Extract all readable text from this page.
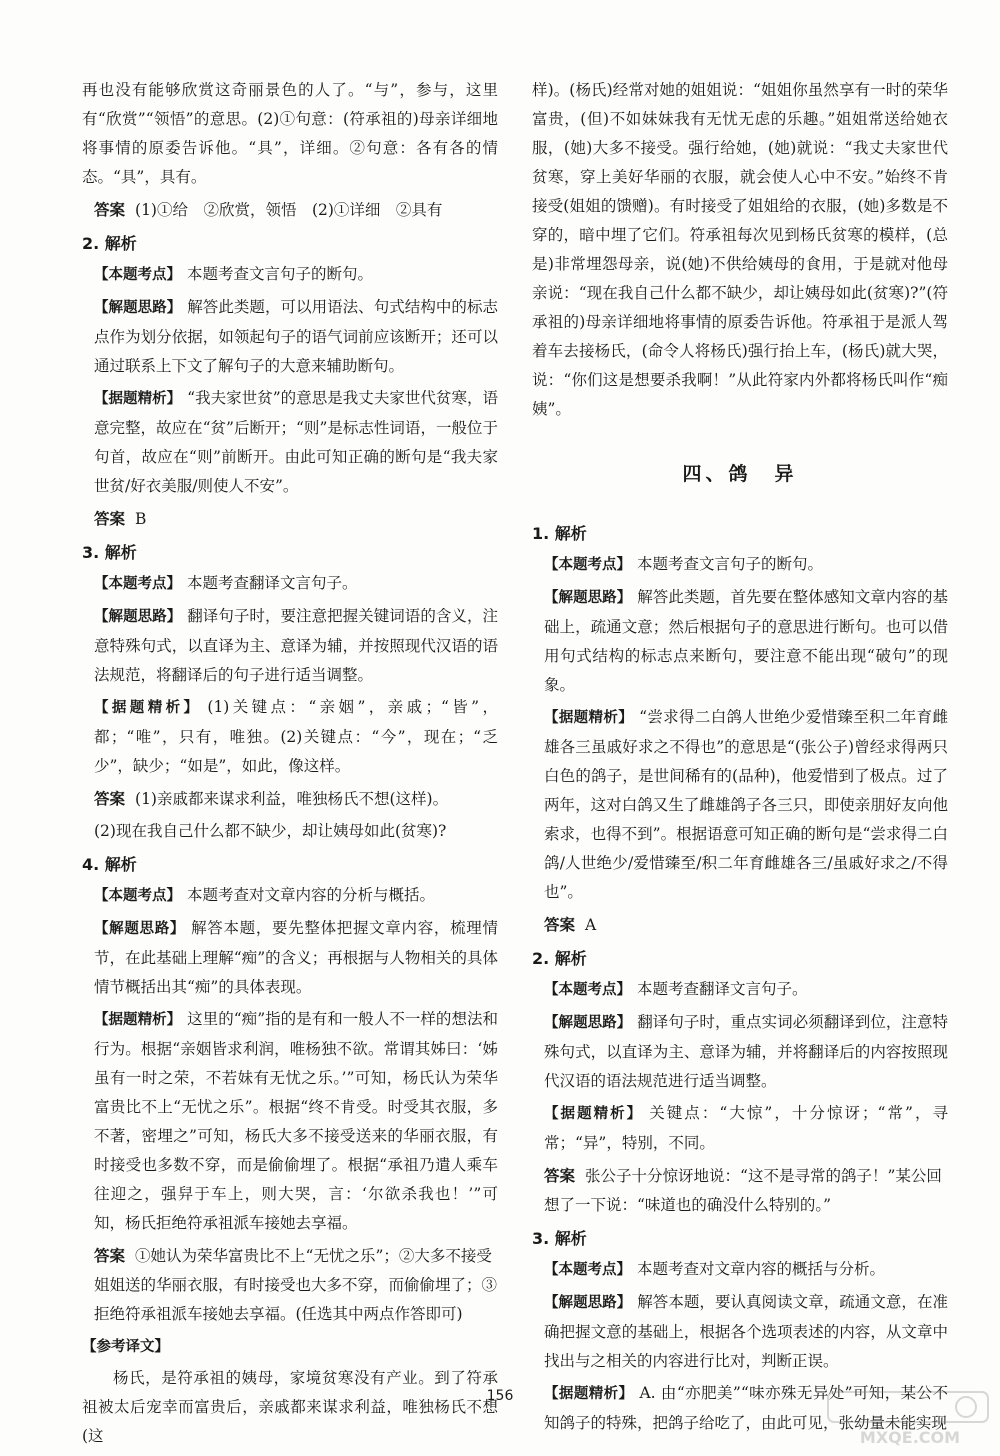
再也没有能够欣赏这奇丽景色的人了。“与”，参与，这里有“欣赏”“领悟”的意思。(2)①句意：(符承祖的)母亲详细地将事情的原委告诉他。“具”，详细。②句意：各有各的情态。“具”，具有。

答案 (1)①给　②欣赏，领悟　(2)①详细　②具有

2. 解析

【本题考点】 本题考查文言句子的断句。

【解题思路】 解答此类题，可以用语法、句式结构中的标志点作为划分依据，如领起句子的语气词前应该断开；还可以通过联系上下文了解句子的大意来辅助断句。

【据题精析】 “我夫家世贫”的意思是我丈夫家世代贫寒，语意完整，故应在“贫”后断开；“则”是标志性词语，一般位于句首，故应在“则”前断开。由此可知正确的断句是“我夫家世贫/好衣美服/则使人不安”。

答案 B

3. 解析

【本题考点】 本题考查翻译文言句子。

【解题思路】 翻译句子时，要注意把握关键词语的含义，注意特殊句式，以直译为主、意译为辅，并按照现代汉语的语法规范，将翻译后的句子进行适当调整。

【据题精析】 (1)关键点：“亲姻”，亲戚；“皆”，都；“唯”，只有，唯独。(2)关键点：“今”，现在；“乏少”，缺少；“如是”，如此，像这样。

答案 (1)亲戚都来谋求利益，唯独杨氏不想(这样)。

(2)现在我自己什么都不缺少，却让姨母如此(贫寒)?

4. 解析

【本题考点】 本题考查对文章内容的分析与概括。

【解题思路】 解答本题，要先整体把握文章内容，梳理情节，在此基础上理解“痴”的含义；再根据与人物相关的具体情节概括出其“痴”的具体表现。

【据题精析】 这里的“痴”指的是有和一般人不一样的想法和行为。根据“亲姻皆求利润，唯杨独不欲。常谓其姊曰：‘姊虽有一时之荣，不若妹有无忧之乐。’”可知，杨氏认为荣华富贵比不上“无忧之乐”。根据“终不肯受。时受其衣服，多不著，密埋之”可知，杨氏大多不接受送来的华丽衣服，有时接受也多数不穿，而是偷偷埋了。根据“承祖乃遣人乘车往迎之，强舁于车上，则大哭，言：‘尔欲杀我也！’”可知，杨氏拒绝符承祖派车接她去享福。

答案 ①她认为荣华富贵比不上“无忧之乐”；②大多不接受姐姐送的华丽衣服，有时接受也大多不穿，而偷偷埋了；③拒绝符承祖派车接她去享福。(任选其中两点作答即可)

【参考译文】

杨氏，是符承祖的姨母，家境贫寒没有产业。到了符承祖被太后宠幸而富贵后，亲戚都来谋求利益，唯独杨氏不想(这

样)。(杨氏)经常对她的姐姐说：“姐姐你虽然享有一时的荣华富贵，(但)不如妹妹我有无忧无虑的乐趣。”姐姐常送给她衣服，(她)大多不接受。强行给她，(她)就说：“我丈夫家世代贫寒，穿上美好华丽的衣服，就会使人心中不安。”始终不肯接受(姐姐的馈赠)。有时接受了姐姐给的衣服，(她)多数是不穿的，暗中埋了它们。符承祖每次见到杨氏贫寒的模样，(总是)非常埋怨母亲，说(她)不供给姨母的食用，于是就对他母亲说：“现在我自己什么都不缺少，却让姨母如此(贫寒)?”(符承祖的)母亲详细地将事情的原委告诉他。符承祖于是派人驾着车去接杨氏，(命令人将杨氏)强行抬上车，(杨氏)就大哭，说：“你们这是想要杀我啊！”从此符家内外都将杨氏叫作“痴姨”。

四、鸽　异
1. 解析

【本题考点】 本题考查文言句子的断句。

【解题思路】 解答此类题，首先要在整体感知文章内容的基础上，疏通文意；然后根据句子的意思进行断句。也可以借用句式结构的标志点来断句，要注意不能出现“破句”的现象。

【据题精析】 “尝求得二白鸽人世绝少爱惜臻至积二年育雌雄各三虽戚好求之不得也”的意思是“(张公子)曾经求得两只白色的鸽子，是世间稀有的(品种)，他爱惜到了极点。过了两年，这对白鸽又生了雌雄鸽子各三只，即使亲朋好友向他索求，也得不到”。根据语意可知正确的断句是“尝求得二白鸽/人世绝少/爱惜臻至/积二年育雌雄各三/虽戚好求之/不得也”。

答案 A

2. 解析

【本题考点】 本题考查翻译文言句子。

【解题思路】 翻译句子时，重点实词必须翻译到位，注意特殊句式，以直译为主、意译为辅，并将翻译后的内容按照现代汉语的语法规范进行适当调整。

【据题精析】 关键点：“大惊”，十分惊讶；“常”，寻常；“异”，特别，不同。

答案 张公子十分惊讶地说：“这不是寻常的鸽子！”某公回想了一下说：“味道也的确没什么特别的。”

3. 解析

【本题考点】 本题考查对文章内容的概括与分析。

【解题思路】 解答本题，要认真阅读文章，疏通文意，在准确把握文意的基础上，根据各个选项表述的内容，从文章中找出与之相关的内容进行比对，判断正误。

【据题精析】 A. 由“亦肥美”“味亦殊无异处”可知，某公不知鸽子的特殊，把鸽子给吃了，由此可见，张幼量未能实现

156
MXQE.COM
